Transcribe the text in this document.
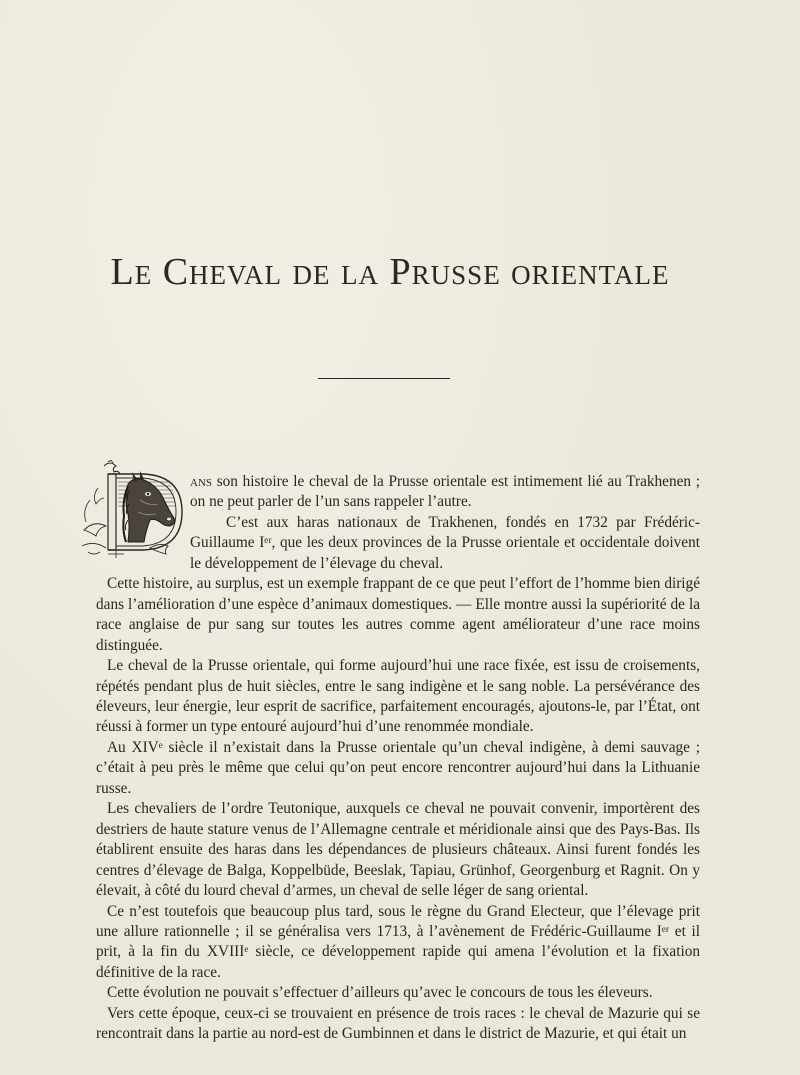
Le Cheval de la Prusse orientale

ans son histoire le cheval de la Prusse orientale est intimement lié au Trakhenen ; on ne peut parler de l’un sans rappeler l’autre.

C’est aux haras nationaux de Trakhenen, fondés en 1732 par Frédéric-Guillaume Iᵉʳ, que les deux provinces de la Prusse orientale et occidentale doivent le développement de l’élevage du cheval.

Cette histoire, au surplus, est un exemple frappant de ce que peut l’effort de l’homme bien dirigé dans l’amélioration d’une espèce d’animaux domestiques. — Elle montre aussi la supériorité de la race anglaise de pur sang sur toutes les autres comme agent améliorateur d’une race moins distinguée.

Le cheval de la Prusse orientale, qui forme aujourd’hui une race fixée, est issu de croisements, répétés pendant plus de huit siècles, entre le sang indigène et le sang noble. La persévérance des éleveurs, leur énergie, leur esprit de sacrifice, parfaitement encouragés, ajoutons-le, par l’État, ont réussi à former un type entouré aujourd’hui d’une renommée mondiale.

Au XIVᵉ siècle il n’existait dans la Prusse orientale qu’un cheval indigène, à demi sauvage ; c’était à peu près le même que celui qu’on peut encore rencontrer aujourd’hui dans la Lithuanie russe.

Les chevaliers de l’ordre Teutonique, auxquels ce cheval ne pouvait convenir, importèrent des destriers de haute stature venus de l’Allemagne centrale et méridionale ainsi que des Pays-Bas. Ils établirent ensuite des haras dans les dépendances de plusieurs châteaux. Ainsi furent fondés les centres d’élevage de Balga, Koppelbüde, Beeslak, Tapiau, Grünhof, Georgenburg et Ragnit. On y élevait, à côté du lourd cheval d’armes, un cheval de selle léger de sang oriental.

Ce n’est toutefois que beaucoup plus tard, sous le règne du Grand Electeur, que l’élevage prit une allure rationnelle ; il se généralisa vers 1713, à l’avènement de Frédéric-Guillaume Iᵉʳ et il prit, à la fin du XVIIIᵉ siècle, ce développement rapide qui amena l’évolution et la fixation définitive de la race.

Cette évolution ne pouvait s’effectuer d’ailleurs qu’avec le concours de tous les éleveurs.

Vers cette époque, ceux-ci se trouvaient en présence de trois races : le cheval de Mazurie qui se rencontrait dans la partie au nord-est de Gumbinnen et dans le district de Mazurie, et qui était un
